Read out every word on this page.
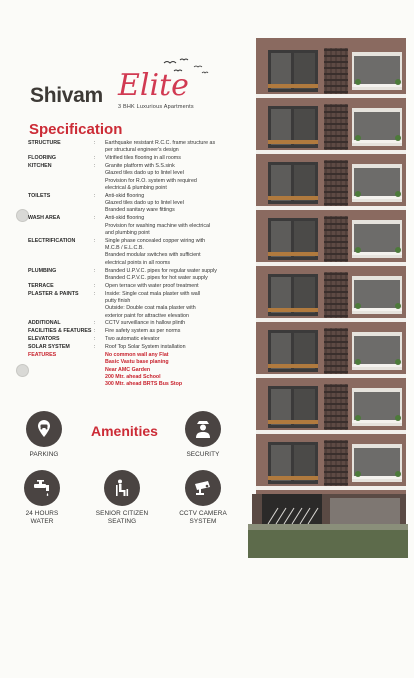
Shivam Elite
3 BHK Luxurious Apartments
Specification
STRUCTURE	: Earthquake resistant R.C.C. frame structure as
per structural engineer's design
FLOORING	: Vitrified tiles flooring in all rooms
KITCHEN	: Granite platform with S.S.sink
Glazed tiles dado up to lintel level
Provision for R.O. system with required
electrical & plumbing point
TOILETS	: Anti-skid flooring
Glazed tiles dado up to lintel level
Branded sanitary ware fittings
WASH AREA	: Anti-skid flooring
Provision for washing machine with electrical
and plumbing point
ELECTRIFICATION	: Single phase concealed copper wiring with
M.C.B / E.L.C.B.
Branded modular switches with sufficient
electrical points in all rooms
PLUMBING	: Branded U.P.V.C. pipes for regular water supply
Branded C.P.V.C. pipes for hot water supply
TERRACE	: Open terrace with water proof treatment
PLASTER & PAINTS	: Inside: Single coat mala plaster with wall
putty finish
Outside: Double coat mala plaster with
exterior paint for attractive elevation
ADDITIONAL	: CCTV surveillance in hallow plinth
FACILITIES & FEATURES : Fire safety system as per norms
ELEVATORS	: Two automatic elevator
SOLAR SYSTEM	: Roof Top Solar System installation
FEATURES	No common wall any Flat
Basic Vastu base planing
Near AMC Garden
200 Mtr. ahead School
300 Mtr. ahead BRTS Bus Stop
Amenities
PARKING	SECURITY
24 HOURS
WATER
SENIOR CITIZEN
SEATING
CCTV CAMERA
SYSTEM
